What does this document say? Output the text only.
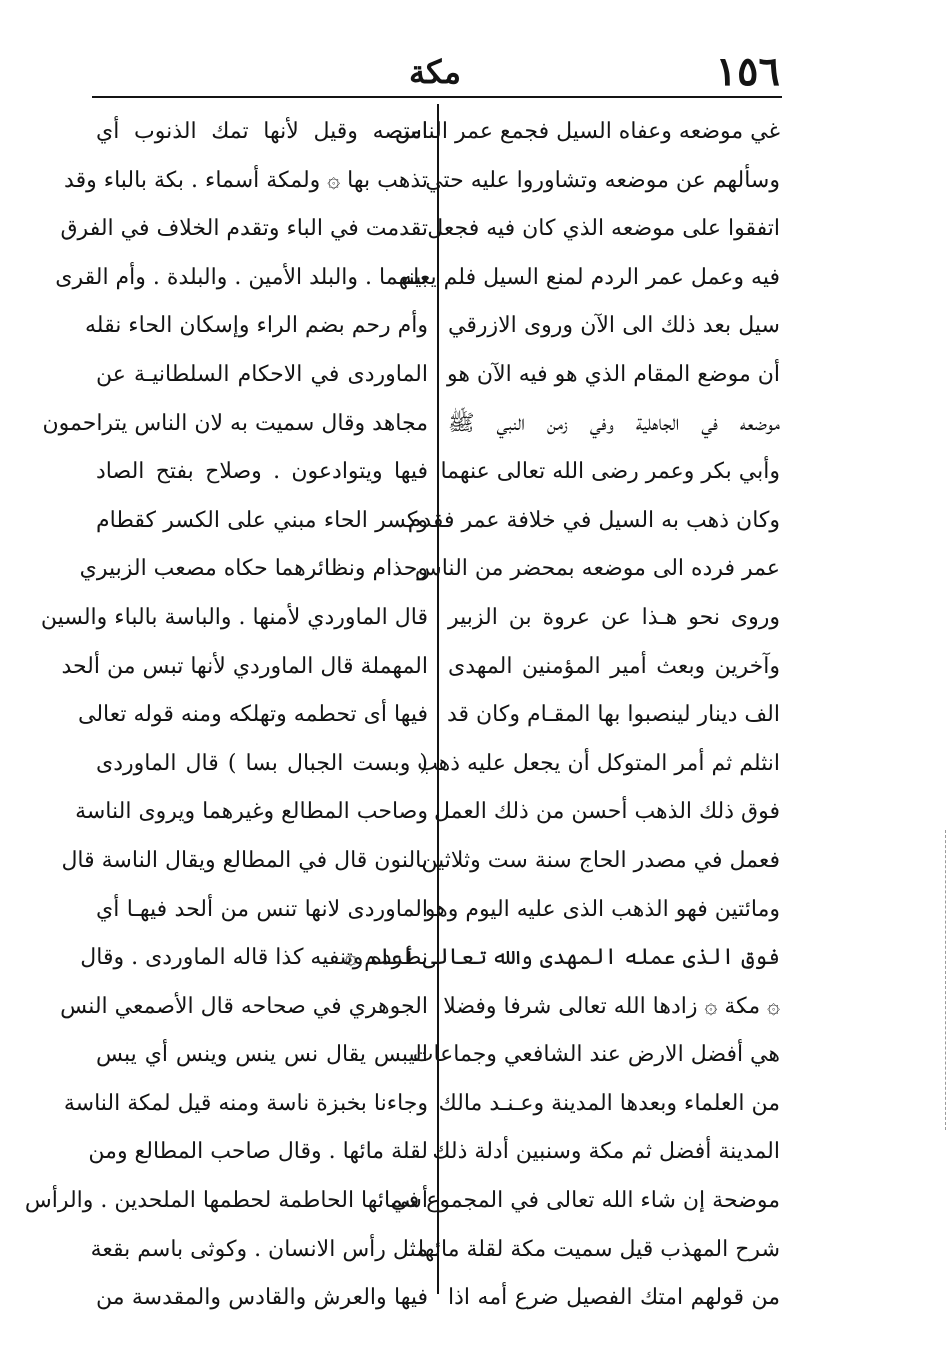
١٥٦
مكة
غي موضعه وعفاه السيل فجمع عمر الناس
وسألهم عن موضعه وتشاوروا عليه حتي
اتفقوا على موضعه الذي كان فيه فجعل
فيه وعمل عمر الردم لمنع السيل فلم يعله
سيل بعد ذلك الى الآن وروى الازرقي
أن موضع المقام الذي هو فيه الآن هو
موضعه في الجاهلية وفي زمن النبي ﷺ
وأبي بكر وعمر رضى الله تعالى عنهما
وكان ذهب به السيل في خلافة عمر فقدم
عمر فرده الى موضعه بمحضر من الناس
وروى نحو هـذا عن عروة بن الزبير
وآخرين وبعث أمير المؤمنين المهدى
الف دينار لينصبوا بها المقـام وكان قد
انثلم ثم أمر المتوكل أن يجعل عليه ذهب
فوق ذلك الذهب أحسن من ذلك العمل
فعمل في مصدر الحاج سنة ست وثلاثين
ومائتين فهو الذهب الذى عليه اليوم وهو
فوق الذى عمله المهدى والله تعالى أعلم ۞
۞ مكة ۞ زادها الله تعالى شرفا وفضلا
هي أفضل الارض عند الشافعي وجماعات
من العلماء وبعدها المدينة وعـنـد مالك
المدينة أفضل ثم مكة وسنبين أدلة ذلك
موضحة إن شاء الله تعالى في المجموع في
شرح المهذب قيل سميت مكة لقلة مائها
من قولهم امتك الفصيل ضرع أمه اذا
امتصه وقيل لأنها تمك الذنوب أي
تذهب بها ۞ ولمكة أسماء . بكة بالباء وقد
تقدمت في الباء وتقدم الخلاف في الفرق
بينهما . والبلد الأمين . والبلدة . وأم القرى
وأم رحم بضم الراء وإسكان الحاء نقله
الماوردى في الاحكام السلطانيـة عن
مجاهد وقال سميت به لان الناس يتراحمون
فيها ويتوادعون . وصلاح بفتح الصاد
وكسر الحاء مبني على الكسر كقطام
وحذام ونظائرهما حكاه مصعب الزبيري
قال الماوردي لأمنها . والباسة بالباء والسين
المهملة قال الماوردي لأنها تبس من ألحد
فيها أى تحطمه وتهلكه ومنه قوله تعالى
( وبست الجبال بسا ) قال الماوردى
وصاحب المطالع وغيرهما ويروى الناسة
بالنون قال في المطالع ويقال الناسة قال
الماوردى لانها تنس من ألحد فيهـا أي
نطرده وتنفيه كذا قاله الماوردى . وقال
الجوهري في صحاحه قال الأصمعي النس
اليبس يقال نس ينس وينس أي يبس
وجاءنا بخبزة ناسة ومنه قيل لمكة الناسة
لقلة مائها . وقال صاحب المطالع ومن
أسمائها الحاطمة لحطمها الملحدين . والرأس
مثل رأس الانسان . وكوثى باسم بقعة
فيها والعرش والقادس والمقدسة من
